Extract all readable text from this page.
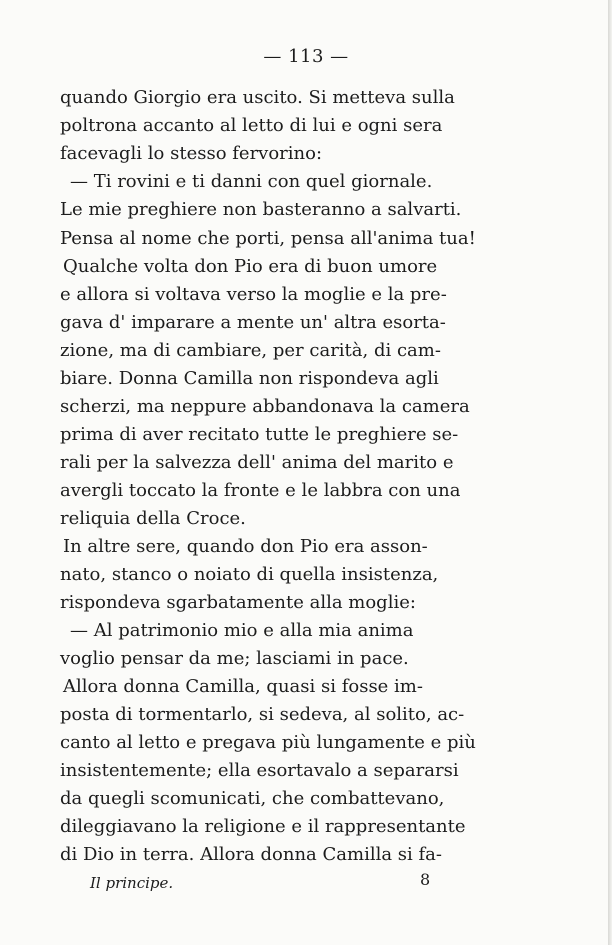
— 113 —
quando Giorgio era uscito. Si metteva sulla
poltrona accanto al letto di lui e ogni sera
facevagli lo stesso fervorino:
— Ti rovini e ti danni con quel giornale.
Le mie preghiere non basteranno a salvarti.
Pensa al nome che porti, pensa all'anima tua!
Qualche volta don Pio era di buon umore
e allora si voltava verso la moglie e la pre-
gava d' imparare a mente un' altra esorta-
zione, ma di cambiare, per carità, di cam-
biare. Donna Camilla non rispondeva agli
scherzi, ma neppure abbandonava la camera
prima di aver recitato tutte le preghiere se-
rali per la salvezza dell' anima del marito e
avergli toccato la fronte e le labbra con una
reliquia della Croce.
In altre sere, quando don Pio era asson-
nato, stanco o noiato di quella insistenza,
rispondeva sgarbatamente alla moglie:
— Al patrimonio mio e alla mia anima
voglio pensar da me; lasciami in pace.
Allora donna Camilla, quasi si fosse im-
posta di tormentarlo, si sedeva, al solito, ac-
canto al letto e pregava più lungamente e più
insistentemente; ella esortavalo a separarsi
da quegli scomunicati, che combattevano,
dileggiavano la religione e il rappresentante
di Dio in terra. Allora donna Camilla si fa-
Il principe.	8
